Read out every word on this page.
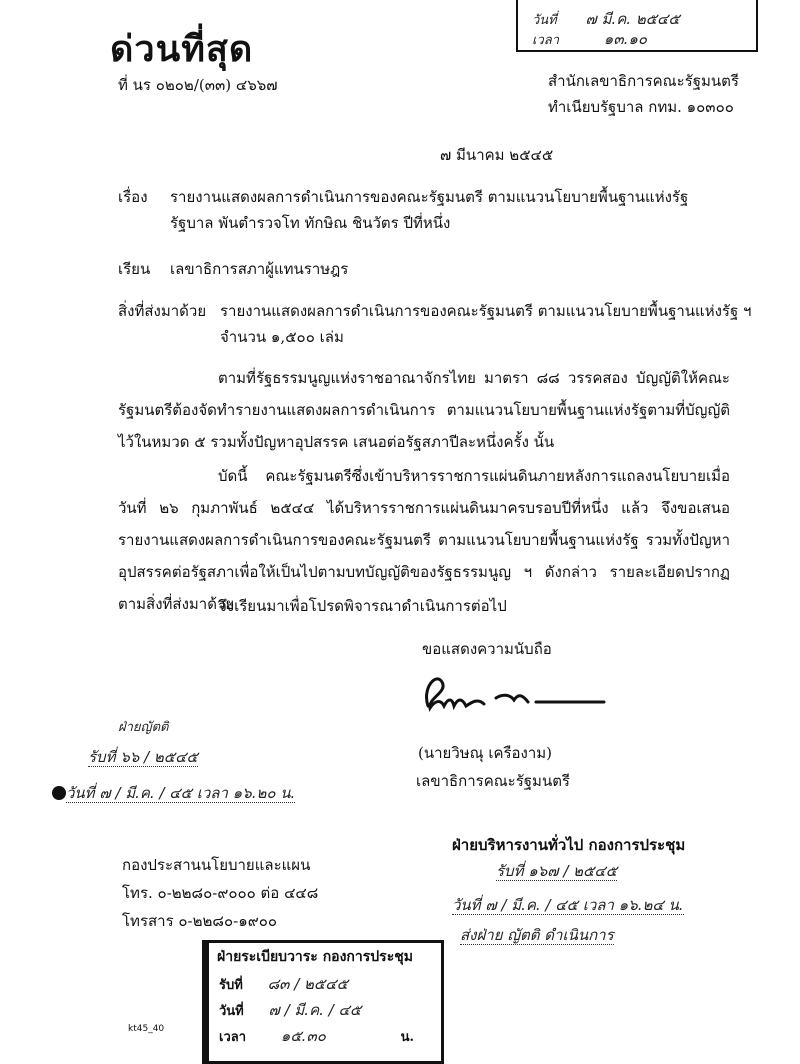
วันที่ ๗ มี.ค. ๒๕๔๕
เวลา	๑๓.๑๐
ด่วนที่สุด
ที่ นร ๐๒๐๒/(๓๓) ๔๖๖๗	สำนักเลขาธิการคณะรัฐมนตรี
ทำเนียบรัฐบาล กทม. ๑๐๓๐๐
๗ มีนาคม ๒๕๔๕
เรื่อง รายงานแสดงผลการดำเนินการของคณะรัฐมนตรี ตามแนวนโยบายพื้นฐานแห่งรัฐ
รัฐบาล พันตำรวจโท ทักษิณ ชินวัตร ปีที่หนึ่ง
เรียน เลขาธิการสภาผู้แทนราษฎร
สิ่งที่ส่งมาด้วย รายงานแสดงผลการดำเนินการของคณะรัฐมนตรี ตามแนวนโยบายพื้นฐานแห่งรัฐ ฯ
จำนวน ๑,๕๐๐ เล่ม

ตามที่รัฐธรรมนูญแห่งราชอาณาจักรไทย มาตรา ๘๘ วรรคสอง บัญญัติให้คณะรัฐมนตรีต้องจัดทำรายงานแสดงผลการดำเนินการ ตามแนวนโยบายพื้นฐานแห่งรัฐตามที่บัญญัติไว้ในหมวด ๕ รวมทั้งปัญหาอุปสรรค เสนอต่อรัฐสภาปีละหนึ่งครั้ง นั้น

บัดนี้ คณะรัฐมนตรีซึ่งเข้าบริหารราชการแผ่นดินภายหลังการแถลงนโยบายเมื่อวันที่ ๒๖ กุมภาพันธ์ ๒๕๔๔ ได้บริหารราชการแผ่นดินมาครบรอบปีที่หนึ่ง แล้ว จึงขอเสนอรายงานแสดงผลการดำเนินการของคณะรัฐมนตรี ตามแนวนโยบายพื้นฐานแห่งรัฐ รวมทั้งปัญหาอุปสรรคต่อรัฐสภาเพื่อให้เป็นไปตามบทบัญญัติของรัฐธรรมนูญ ฯ ดังกล่าว รายละเอียดปรากฏตามสิ่งที่ส่งมาด้วย

จึงเรียนมาเพื่อโปรดพิจารณาดำเนินการต่อไป
ขอแสดงความนับถือ
(นายวิษณุ เครืองาม)
เลขาธิการคณะรัฐมนตรี
ฝ่ายญัตติ
รับที่ ๖๖ / ๒๕๔๕
วันที่ ๗ / มี.ค. / ๔๕ เวลา ๑๖.๒๐ น.
ฝ่ายบริหารงานทั่วไป กองการประชุม
รับที่ ๑๖๗ / ๒๕๔๕
วันที่ ๗ / มี.ค. / ๔๕ เวลา ๑๖.๒๔ น.
ส่งฝ่าย ญัตติ ดำเนินการ
กองประสานนโยบายและแผน
โทร. ๐-๒๒๘๐-๙๐๐๐ ต่อ ๔๔๘
โทรสาร ๐-๒๒๘๐-๑๙๐๐
ฝ่ายระเบียบวาระ กองการประชุม
รับที่ ๘๓ / ๒๕๔๕
วันที่ ๗ / มี.ค. / ๔๕
เวลา ๑๕.๓๐	น.
kt45_40
